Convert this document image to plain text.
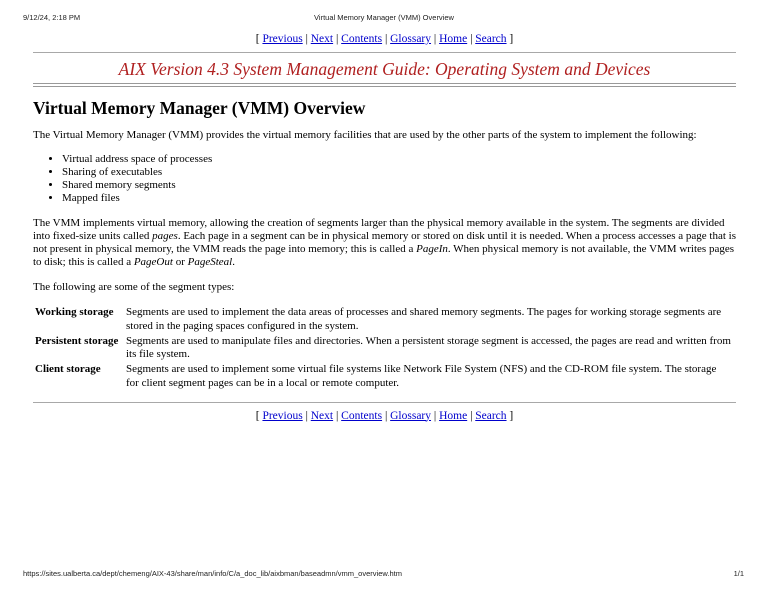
Virtual Memory Manager (VMM) Overview
9/12/24, 2:18 PM
[ Previous | Next | Contents | Glossary | Home | Search ]
AIX Version 4.3 System Management Guide: Operating System and Devices
Virtual Memory Manager (VMM) Overview

The Virtual Memory Manager (VMM) provides the virtual memory facilities that are used by the other parts of the system to implement the following:

• Virtual address space of processes
• Sharing of executables
• Shared memory segments
• Mapped files

The VMM implements virtual memory, allowing the creation of segments larger than the physical memory available in the system. The segments are divided into fixed-size units called pages. Each page in a segment can be in physical memory or stored on disk until it is needed. When a process accesses a page that is not present in physical memory, the VMM reads the page into memory; this is called a PageIn. When physical memory is not available, the VMM writes pages to disk; this is called a PageOut or PageSteal.

The following are some of the segment types:

Working storage	Segments are used to implement the data areas of processes and shared memory segments. The pages for working storage segments are stored in the paging spaces configured in the system.
Persistent storage	Segments are used to manipulate files and directories. When a persistent storage segment is accessed, the pages are read and written from its file system.
Client storage	Segments are used to implement some virtual file systems like Network File System (NFS) and the CD-ROM file system. The storage for client segment pages can be in a local or remote computer.
[ Previous | Next | Contents | Glossary | Home | Search ]
https://sites.ualberta.ca/dept/chemeng/AIX-43/share/man/info/C/a_doc_lib/aixbman/baseadmn/vmm_overview.htm	1/1
